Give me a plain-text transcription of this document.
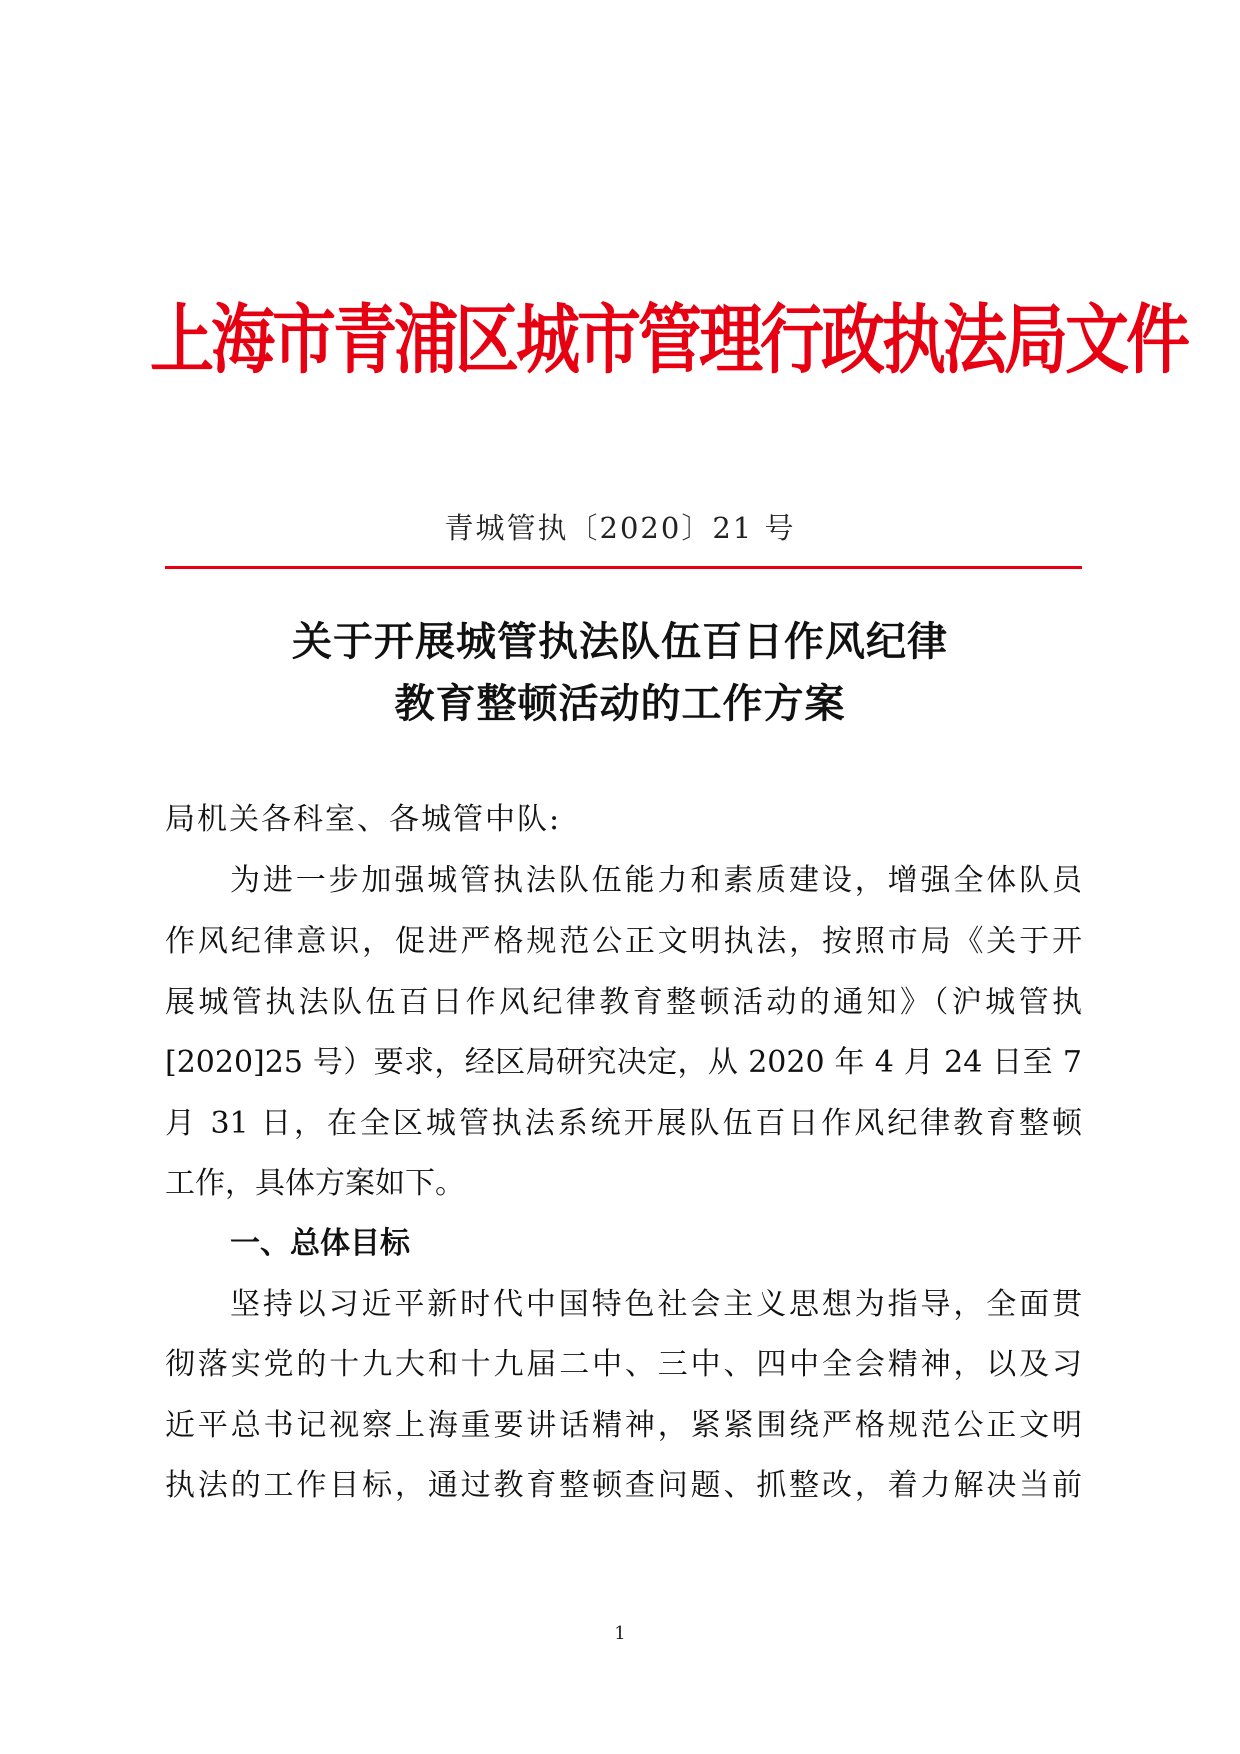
上海市青浦区城市管理行政执法局文件
青城管执〔2020〕21 号
关于开展城管执法队伍百日作风纪律
教育整顿活动的工作方案
局机关各科室、各城管中队:
为进一步加强城管执法队伍能力和素质建设，增强全体队员
作风纪律意识，促进严格规范公正文明执法，按照市局《关于开
展城管执法队伍百日作风纪律教育整顿活动的通知》（沪城管执
[2020]25 号）要求，经区局研究决定，从 2020 年 4 月 24 日至 7
月 31 日，在全区城管执法系统开展队伍百日作风纪律教育整顿
工作，具体方案如下。
一、总体目标
坚持以习近平新时代中国特色社会主义思想为指导，全面贯
彻落实党的十九大和十九届二中、三中、四中全会精神，以及习
近平总书记视察上海重要讲话精神，紧紧围绕严格规范公正文明
执法的工作目标，通过教育整顿查问题、抓整改，着力解决当前
1
